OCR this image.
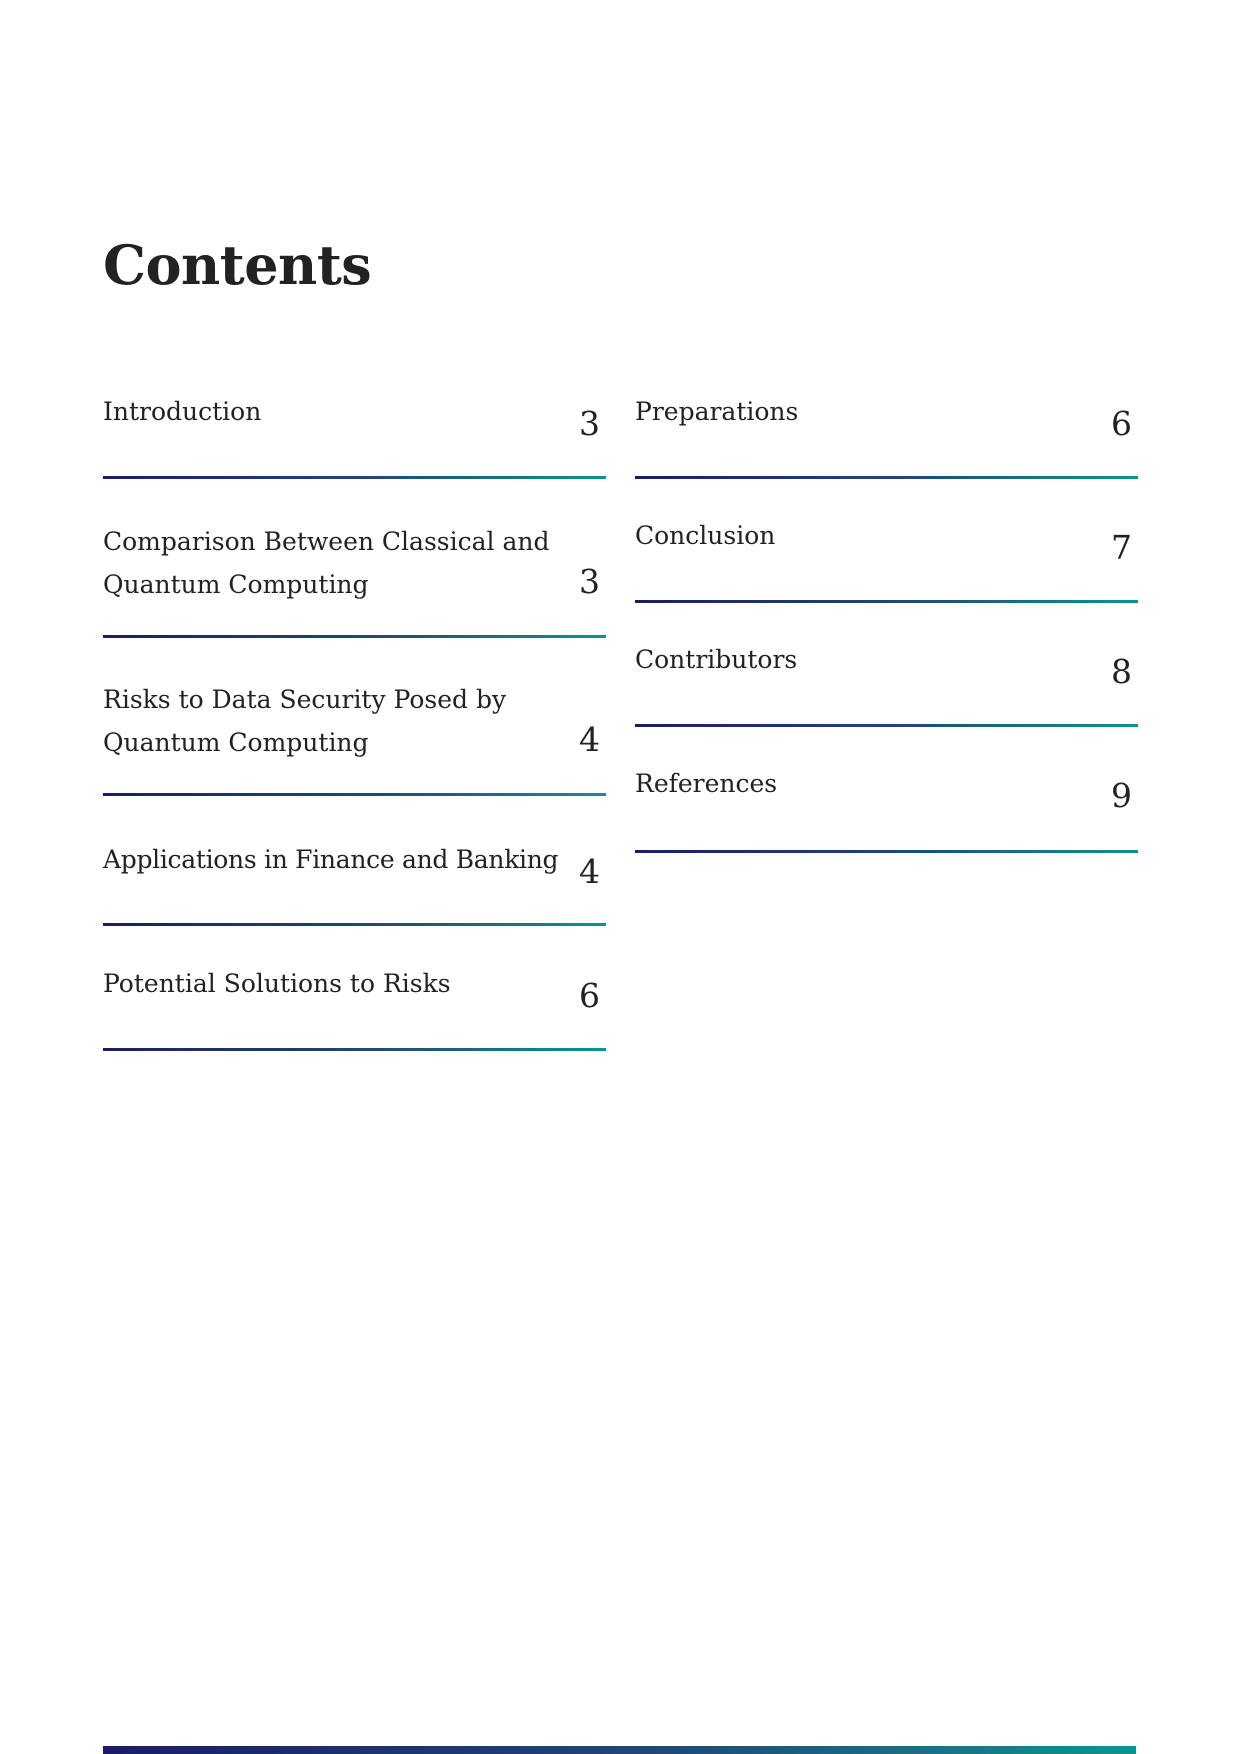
Contents
Introduction	3
Comparison Between Classical and
Quantum Computing	3
Risks to Data Security Posed by
Quantum Computing	4
Applications in Finance and Banking 4
Potential Solutions to Risks	6
Preparations	6
Conclusion	7
Contributors	8
References	9
